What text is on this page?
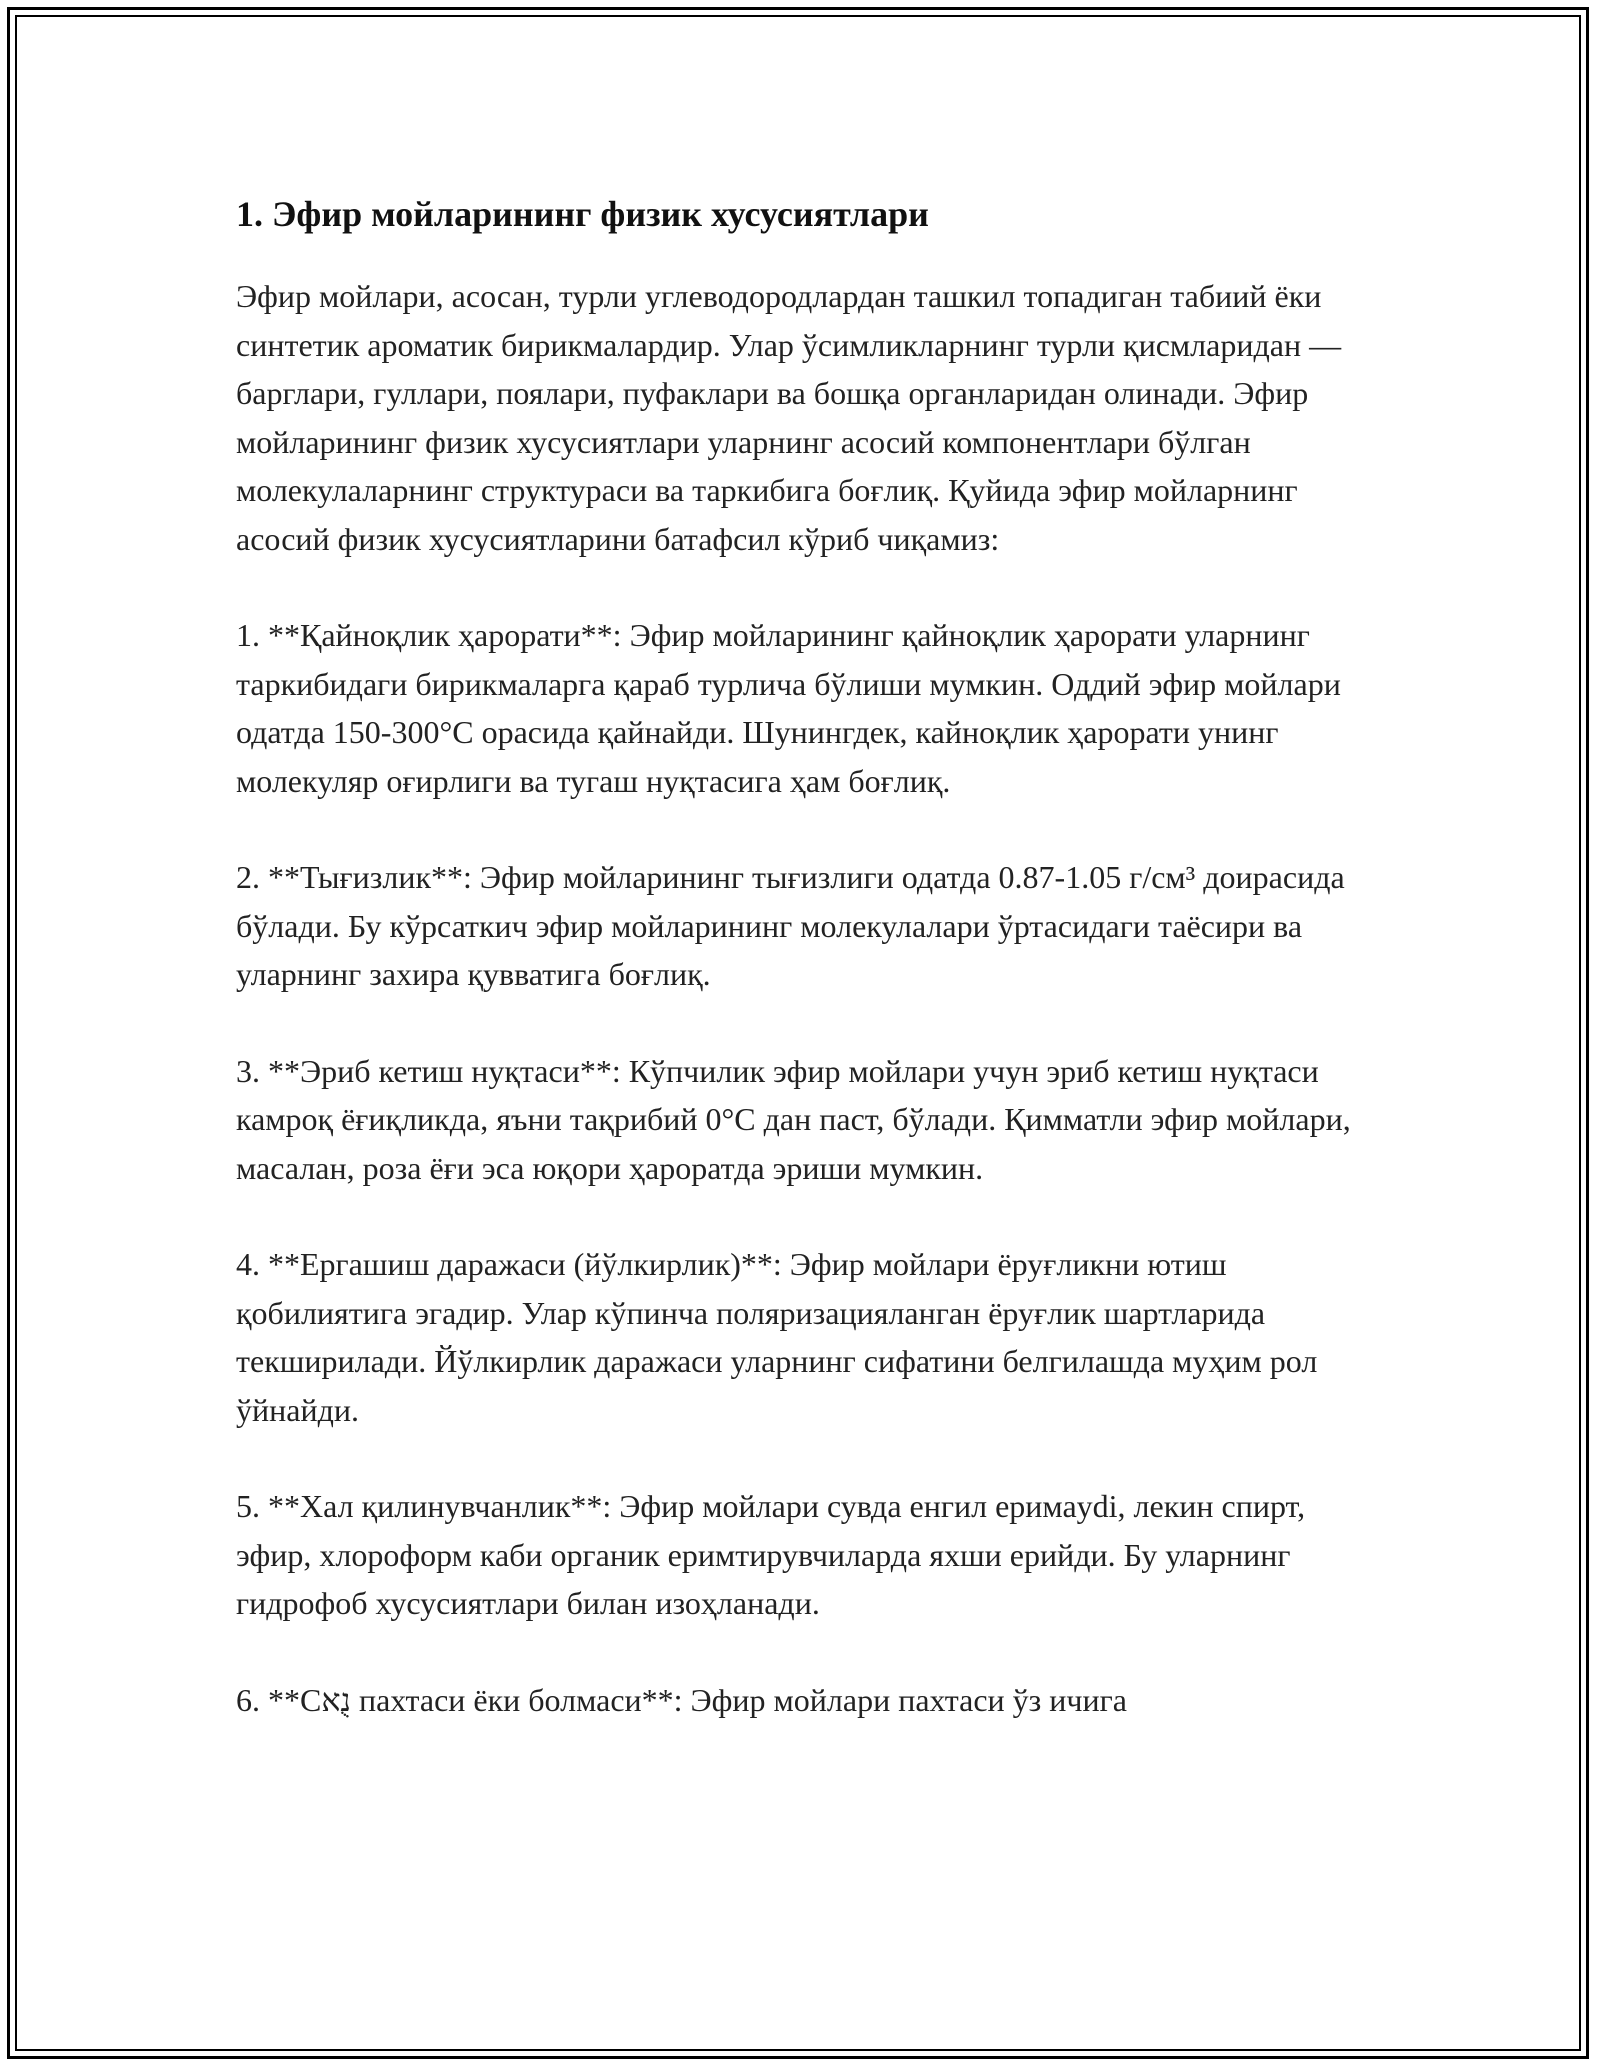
1. Эфир мойларининг физик хусусиятлари

Эфир мойлари, асосан, турли углеводородлардан ташкил топадиган табиий ёки синтетик ароматик бирикмалардир. Улар ўсимликларнинг турли қисмларидан — барглари, гуллари, поялари, пуфаклари ва бошқа органларидан олинади. Эфир мойларининг физик хусусиятлари уларнинг асосий компонентлари бўлган молекулаларнинг структураси ва таркибига боғлиқ. Қуйида эфир мойларнинг асосий физик хусусиятларини батафсил кўриб чиқамиз:

1. **Қайноқлик ҳарорати**: Эфир мойларининг қайноқлик ҳарорати уларнинг таркибидаги бирикмаларга қараб турлича бўлиши мумкин. Оддий эфир мойлари одатда 150-300°C орасида қайнайди. Шунингдек, кайноқлик ҳарорати унинг молекуляр оғирлиги ва тугаш нуқтасига ҳам боғлиқ.

2. **Тығизлик**: Эфир мойларининг тығизлиги одатда 0.87-1.05 г/см³ доирасида бўлади. Бу кўрсаткич эфир мойларининг молекулалари ўртасидаги таёсири ва уларнинг захира қувватига боғлиқ.

3. **Эриб кетиш нуқтаси**: Кўпчилик эфир мойлари учун эриб кетиш нуқтаси камроқ ёғиқликда, яъни тақрибий 0°C дан паст, бўлади. Қимматли эфир мойлари, масалан, роза ёғи эса юқори ҳароратда эриши мумкин.

4. **Ергашиш даражаси (йўлкирлик)**: Эфир мойлари ёруғликни ютиш қобилиятига эгадир. Улар кўпинча поляризацияланган ёруғлик шартларида текширилади. Йўлкирлик даражаси уларнинг сифатини белгилашда муҳим рол ўйнайди.

5. **Хал қилинувчанлик**: Эфир мойлари сувда енгил еримаydi, лекин спирт, эфир, хлороформ каби органик еримтирувчиларда яхши ерийди. Бу уларнинг гидрофоб хусусиятлари билан изоҳланади.

6. **Cנֻא пахтаси ёки болмаси**: Эфир мойлари пахтаси ўз ичига
